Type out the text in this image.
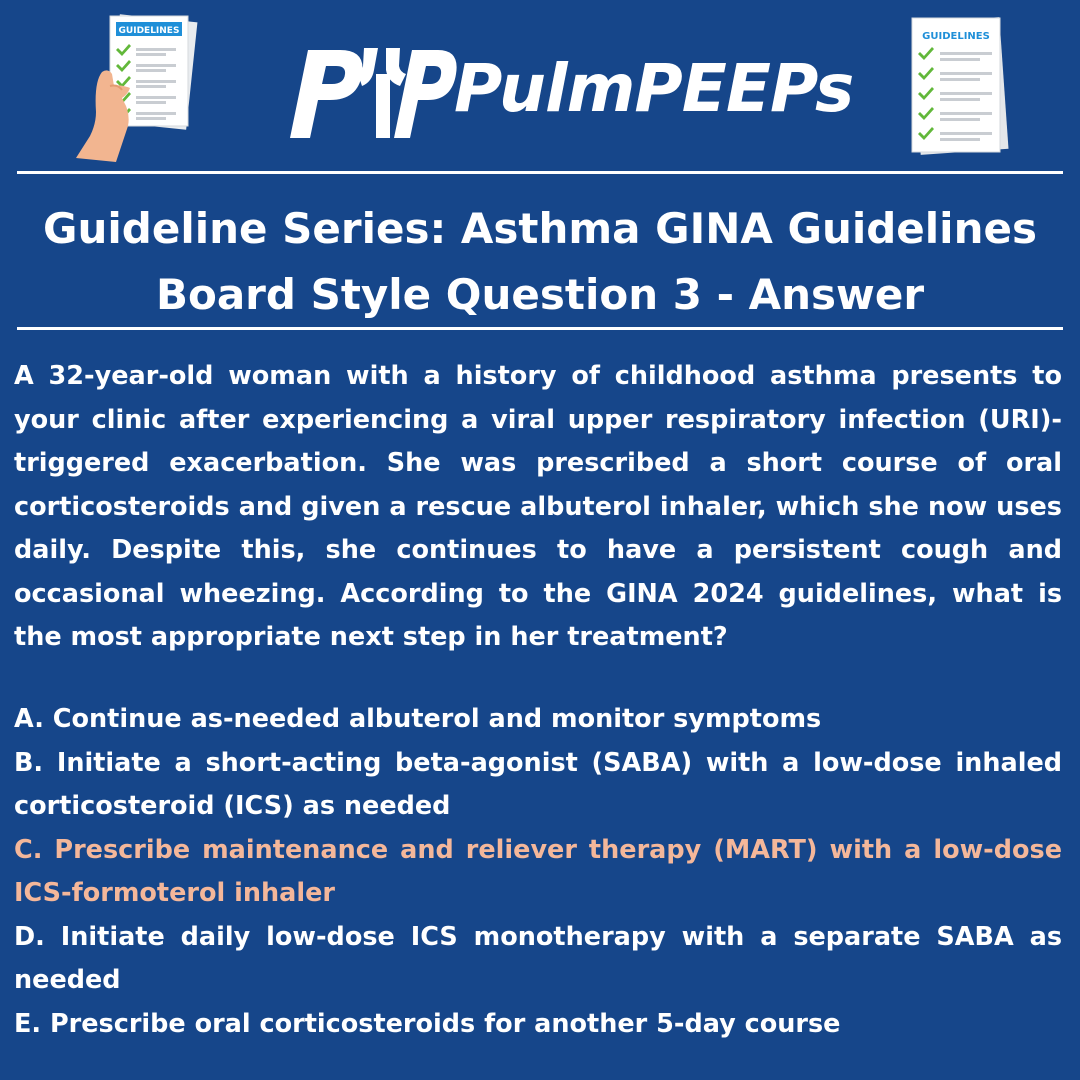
GUIDELINES
PulmPEEPs
GUIDELINES
Guideline Series: Asthma GINA Guidelines
Board Style Question 3 - Answer
A 32-year-old woman with a history of childhood asthma presents to your clinic after experiencing a viral upper respiratory infection (URI)-triggered exacerbation. She was prescribed a short course of oral corticosteroids and given a rescue albuterol inhaler, which she now uses daily. Despite this, she continues to have a persistent cough and occasional wheezing. According to the GINA 2024 guidelines, what is the most appropriate next step in her treatment?
A. Continue as-needed albuterol and monitor symptoms
B. Initiate a short-acting beta-agonist (SABA) with a low-dose inhaled corticosteroid (ICS) as needed
C. Prescribe maintenance and reliever therapy (MART) with a low-dose ICS-formoterol inhaler
D. Initiate daily low-dose ICS monotherapy with a separate SABA as needed
E. Prescribe oral corticosteroids for another 5-day course
